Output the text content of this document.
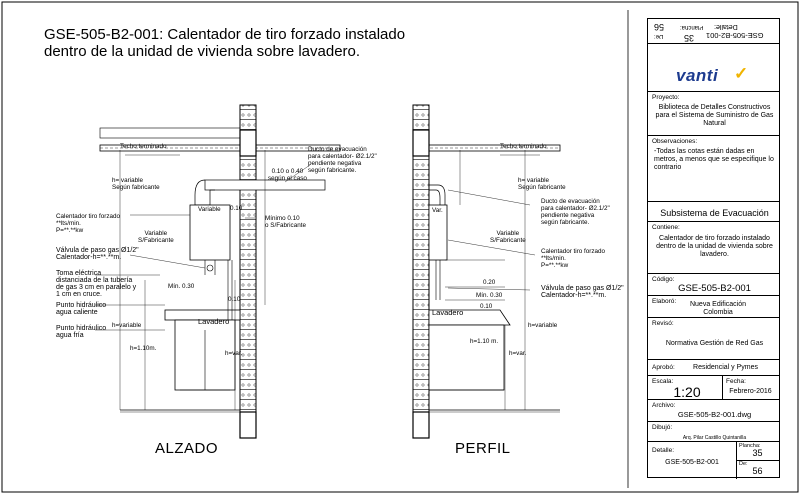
GSE-505-B2-001: Calentador de tiro forzado instalado dentro de la unidad de vivienda sobre lavadero.
Techo terminado
h= variable
Según fabricante
Ducto de evacuación
para calentador- Ø2.1/2"
pendiente negativa
según fabricante.
0.10 o 0.40
según el caso
Calentador tiro forzado
**lts/min.
P=**.**kw
Variable
Variable
S/Fabricante
0.10
Mínimo 0.10
o S/Fabricante
Válvula de paso gas Ø1/2"
Calentador-h=**.**m.
Toma eléctrica
distanciada de la tubería
de gas 3 cm en paralelo y
1 cm en cruce.
Mín. 0.30
0.10
Punto hidráulico
agua caliente
Punto hidráulico
agua fría
Lavadero
h=variable
h=1.10m.
h=var.
Techo terminado
h= variable
Según fabricante
Var.
Ducto de evacuación
para calentador- Ø2.1/2"
pendiente negativa
según fabricante.
Variable
S/Fabricante
Calentador tiro forzado
**lts/min.
P=**.**kw
0.20
Válvula de paso gas Ø1/2"
Calentador-h=**.**m.
Mín. 0.30
0.10
Lavadero
h=variable
h=1.10 m.
h=var.
ALZADO	PERFIL
Detalle:
GSE-505-B2-001
Plancha:
35
De:
56
Proyecto:
Biblioteca de Detalles Constructivos para el Sistema de Suministro de Gas Natural
Observaciones:
-Todas las cotas están dadas en metros, a menos que se especifique lo contrario
Subsistema de Evacuación
Contiene:
Calentador de tiro forzado instalado dentro de la unidad de vivienda sobre lavadero.
Código:
GSE-505-B2-001
Elaboró: Nueva Edificación Colombia
Revisó:
Normativa Gestión de Red Gas
Aprobó:	Residencial y Pymes
Escala:
1:20
Fecha:
Febrero-2016
Archivo:
GSE-505-B2-001.dwg
Dibujó:
Arq. Pilar Castillo Quintanilla
Detalle:
GSE-505-B2-001
Plancha:
35
De:
56
vanti ✓
